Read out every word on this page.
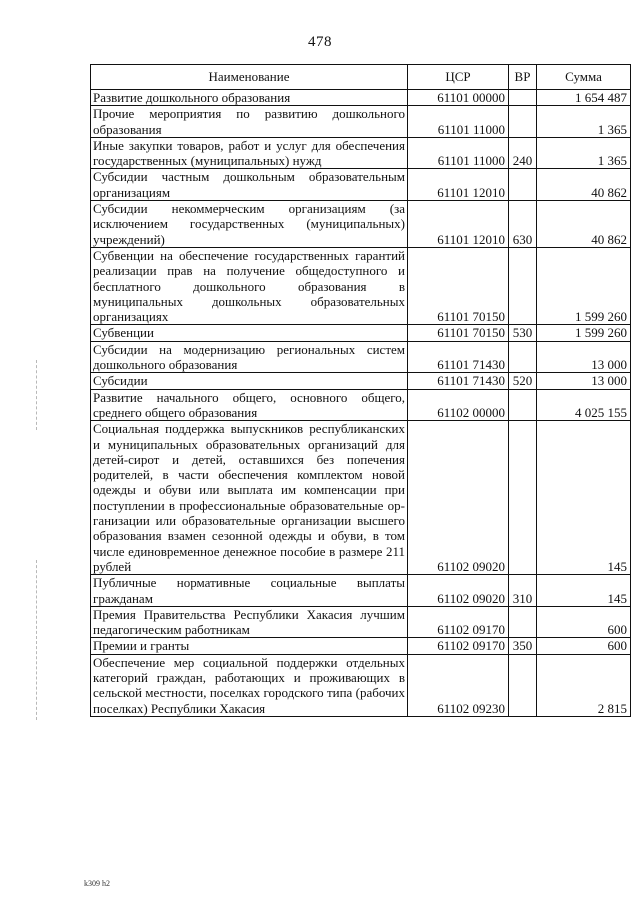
478
Наименование	ЦСР	ВР	Сумма
Развитие дошкольного образования	61101 00000		1 654 487
Прочие мероприятия по развитию дошкольного образования	61101 11000		1 365
Иные закупки товаров, работ и услуг для обеспечения государственных (муниципальных) нужд	61101 11000	240	1 365
Субсидии частным дошкольным образовательным организациям	61101 12010		40 862
Субсидии некоммерческим организациям (за исключением государственных (муниципальных) учреждений)	61101 12010	630	40 862
Субвенции на обеспечение государственных гарантий реализации прав на получение общедоступного и бесплатного дошкольного образования в муниципальных дошкольных образовательных организациях	61101 70150		1 599 260
Субвенции	61101 70150	530	1 599 260
Субсидии на модернизацию региональных систем дошкольного образования	61101 71430		13 000
Субсидии	61101 71430	520	13 000
Развитие начального общего, основного общего, среднего общего образования	61102 00000		4 025 155
Социальная поддержка выпускников республиканских и муниципальных образовательных организаций для детей-сирот и детей, оставшихся без попечения родителей, в части обеспечения комплектом новой одежды и обуви или выплата им компенсации при поступлении в профессиональные образовательные организации или образовательные организации высшего образования взамен сезонной одежды и обуви, в том числе единовременное денежное пособие в размере 211 рублей	61102 09020		145
Публичные нормативные социальные выплаты гражданам	61102 09020	310	145
Премия Правительства Республики Хакасия лучшим педагогическим работникам	61102 09170		600
Премии и гранты	61102 09170	350	600
Обеспечение мер социальной поддержки отдельных категорий граждан, работающих и проживающих в сельской местности, поселках городского типа (рабочих поселках) Республики Хакасия	61102 09230		2 815
k309 h2
